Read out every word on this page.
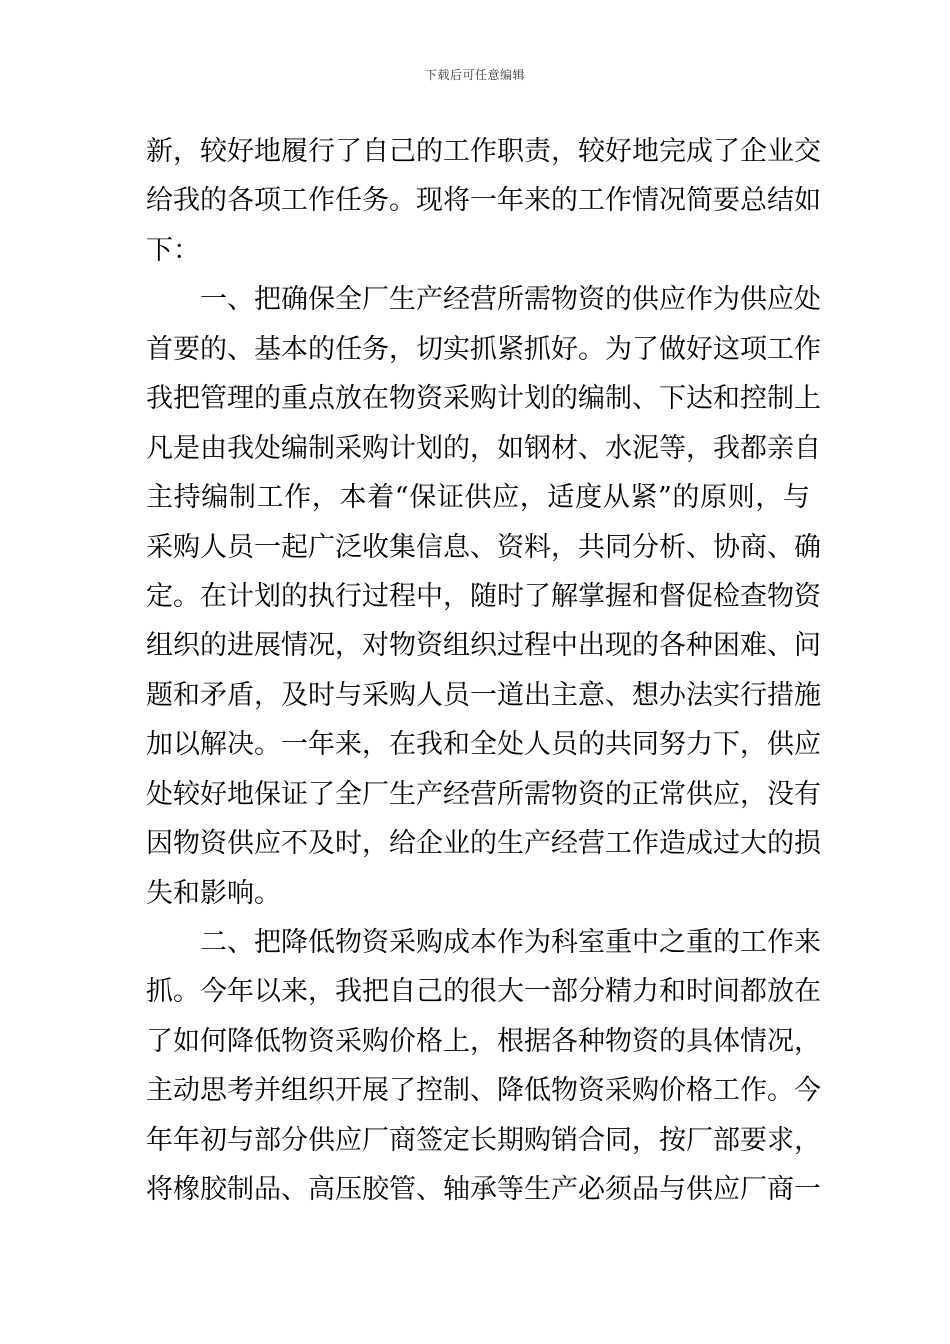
下载后可任意编辑
新，较好地履行了自己的工作职责，较好地完成了企业交
给我的各项工作任务。现将一年来的工作情况简要总结如
下：
一、把确保全厂生产经营所需物资的供应作为供应处
首要的、基本的任务，切实抓紧抓好。为了做好这项工作
我把管理的重点放在物资采购计划的编制、下达和控制上
凡是由我处编制采购计划的，如钢材、水泥等，我都亲自
主持编制工作，本着“保证供应，适度从紧”的原则，与
采购人员一起广泛收集信息、资料，共同分析、协商、确
定。在计划的执行过程中，随时了解掌握和督促检查物资
组织的进展情况，对物资组织过程中出现的各种困难、问
题和矛盾，及时与采购人员一道出主意、想办法实行措施
加以解决。一年来，在我和全处人员的共同努力下，供应
处较好地保证了全厂生产经营所需物资的正常供应，没有
因物资供应不及时，给企业的生产经营工作造成过大的损
失和影响。
二、把降低物资采购成本作为科室重中之重的工作来
抓。今年以来，我把自己的很大一部分精力和时间都放在
了如何降低物资采购价格上，根据各种物资的具体情况，
主动思考并组织开展了控制、降低物资采购价格工作。今
年年初与部分供应厂商签定长期购销合同，按厂部要求，
将橡胶制品、高压胶管、轴承等生产必须品与供应厂商一
